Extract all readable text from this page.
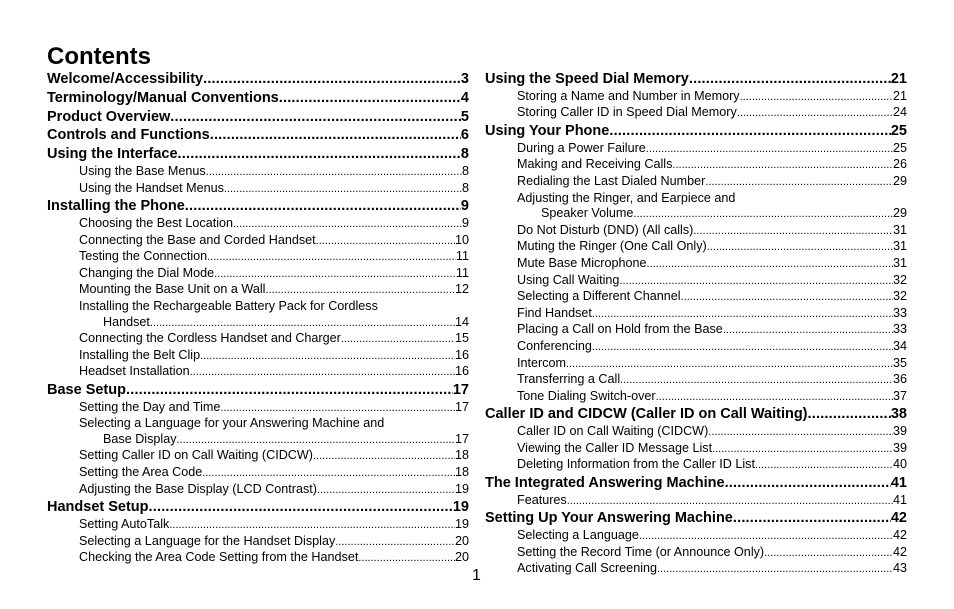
Contents
Welcome/Accessibility .....	3
Terminology/Manual Conventions .....	4
Product Overview .....	5
Controls and Functions .....	6
Using the Interface .....	8
Using the Base Menus .....	8
Using the Handset Menus .....	8
Installing the Phone .....	9
Choosing the Best Location .....	9
Connecting the Base and Corded Handset .....	10
Testing the Connection .....	11
Changing the Dial Mode .....	11
Mounting the Base Unit on a Wall .....	12
Installing the Rechargeable Battery Pack for Cordless
Handset .....	14
Connecting the Cordless Handset and Charger .....	15
Installing the Belt Clip .....	16
Headset Installation .....	16
Base Setup .....	17
Setting the Day and Time .....	17
Selecting a Language for your Answering Machine and
Base Display .....	17
Setting Caller ID on Call Waiting (CIDCW) .....	18
Setting the Area Code .....	18
Adjusting the Base Display (LCD Contrast) .....	19
Handset Setup .....	19
Setting AutoTalk .....	19
Selecting a Language for the Handset Display .....	20
Checking the Area Code Setting from the Handset .....	20
Using the Speed Dial Memory .....	21
Storing a Name and Number in Memory .....	21
Storing Caller ID in Speed Dial Memory .....	24
Using Your Phone .....	25
During a Power Failure .....	25
Making and Receiving Calls .....	26
Redialing the Last Dialed Number .....	29
Adjusting the Ringer, and Earpiece and
Speaker Volume .....	29
Do Not Disturb (DND) (All calls) .....	31
Muting the Ringer (One Call Only) .....	31
Mute Base Microphone .....	31
Using Call Waiting .....	32
Selecting a Different Channel .....	32
Find Handset .....	33
Placing a Call on Hold from the Base .....	33
Conferencing .....	34
Intercom .....	35
Transferring a Call .....	36
Tone Dialing Switch-over .....	37
Caller ID and CIDCW (Caller ID on Call Waiting) .....	38
Caller ID on Call Waiting (CIDCW) .....	39
Viewing the Caller ID Message List .....	39
Deleting Information from the Caller ID List .....	40
The Integrated Answering Machine .....	41
Features .....	41
Setting Up Your Answering Machine .....	42
Selecting a Language .....	42
Setting the Record Time (or Announce Only) .....	42
Activating Call Screening .....	43
1
